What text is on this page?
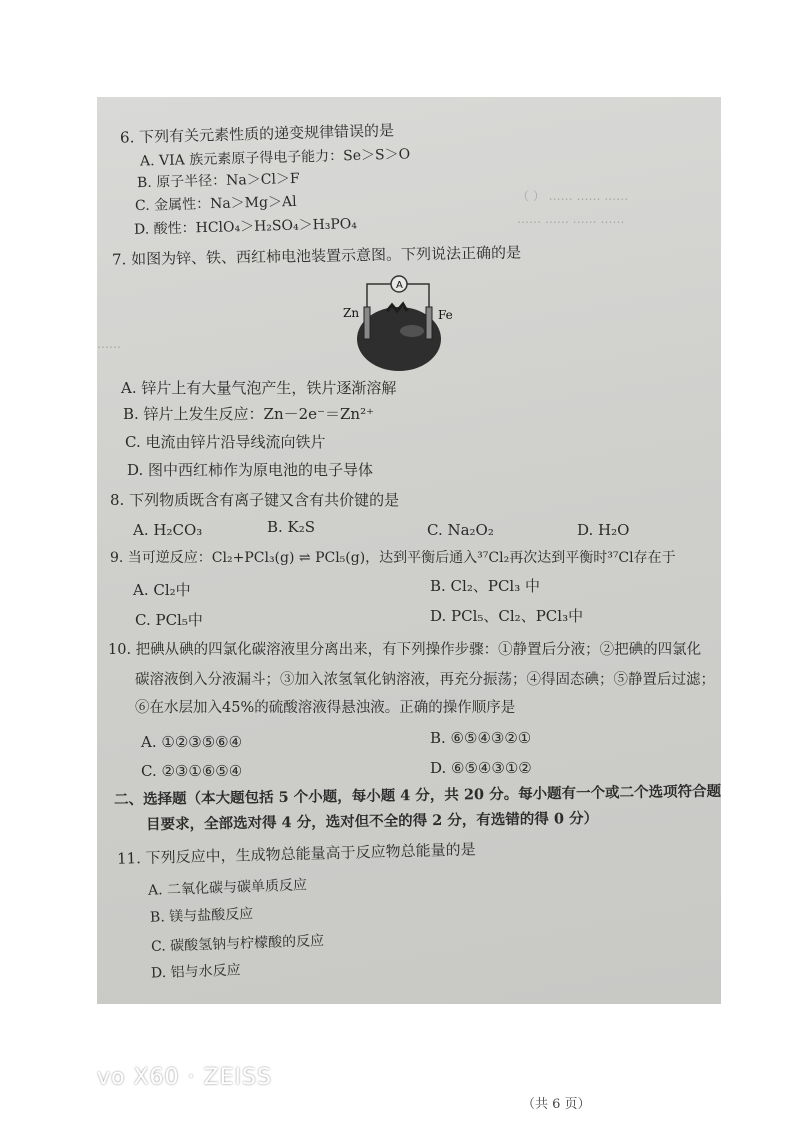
（ ） …… …… ……
…… …… …… ……
……
6. 下列有关元素性质的递变规律错误的是
A. VIA 族元素原子得电子能力：Se＞S＞O
B. 原子半径：Na＞Cl＞F
C. 金属性：Na＞Mg＞Al
D. 酸性：HClO₄＞H₂SO₄＞H₃PO₄
7. 如图为锌、铁、西红柿电池装置示意图。下列说法正确的是
A
Zn	Fe
A. 锌片上有大量气泡产生，铁片逐渐溶解
B. 锌片上发生反应：Zn－2e⁻＝Zn²⁺
C. 电流由锌片沿导线流向铁片
D. 图中西红柿作为原电池的电子导体
8. 下列物质既含有离子键又含有共价键的是
A. H₂CO₃	B. K₂S	C. Na₂O₂	D. H₂O
9. 当可逆反应：Cl₂+PCl₃(g) ⇌ PCl₅(g)，达到平衡后通入³⁷Cl₂再次达到平衡时³⁷Cl存在于
A. Cl₂中	B. Cl₂、PCl₃ 中
C. PCl₅中	D. PCl₅、Cl₂、PCl₃中
10. 把碘从碘的四氯化碳溶液里分离出来，有下列操作步骤：①静置后分液；②把碘的四氯化
碳溶液倒入分液漏斗；③加入浓氢氧化钠溶液，再充分振荡；④得固态碘；⑤静置后过滤；
⑥在水层加入45%的硫酸溶液得悬浊液。正确的操作顺序是
A. ①②③⑤⑥④	B. ⑥⑤④③②①
C. ②③①⑥⑤④	D. ⑥⑤④③①②
二、选择题（本大题包括 5 个小题，每小题 4 分，共 20 分。每小题有一个或二个选项符合题
目要求，全部选对得 4 分，选对但不全的得 2 分，有选错的得 0 分）
11. 下列反应中，生成物总能量高于反应物总能量的是
A. 二氧化碳与碳单质反应
B. 镁与盐酸反应
C. 碳酸氢钠与柠檬酸的反应
D. 铝与水反应
（共 6 页）
vo X60 · ZEISS
